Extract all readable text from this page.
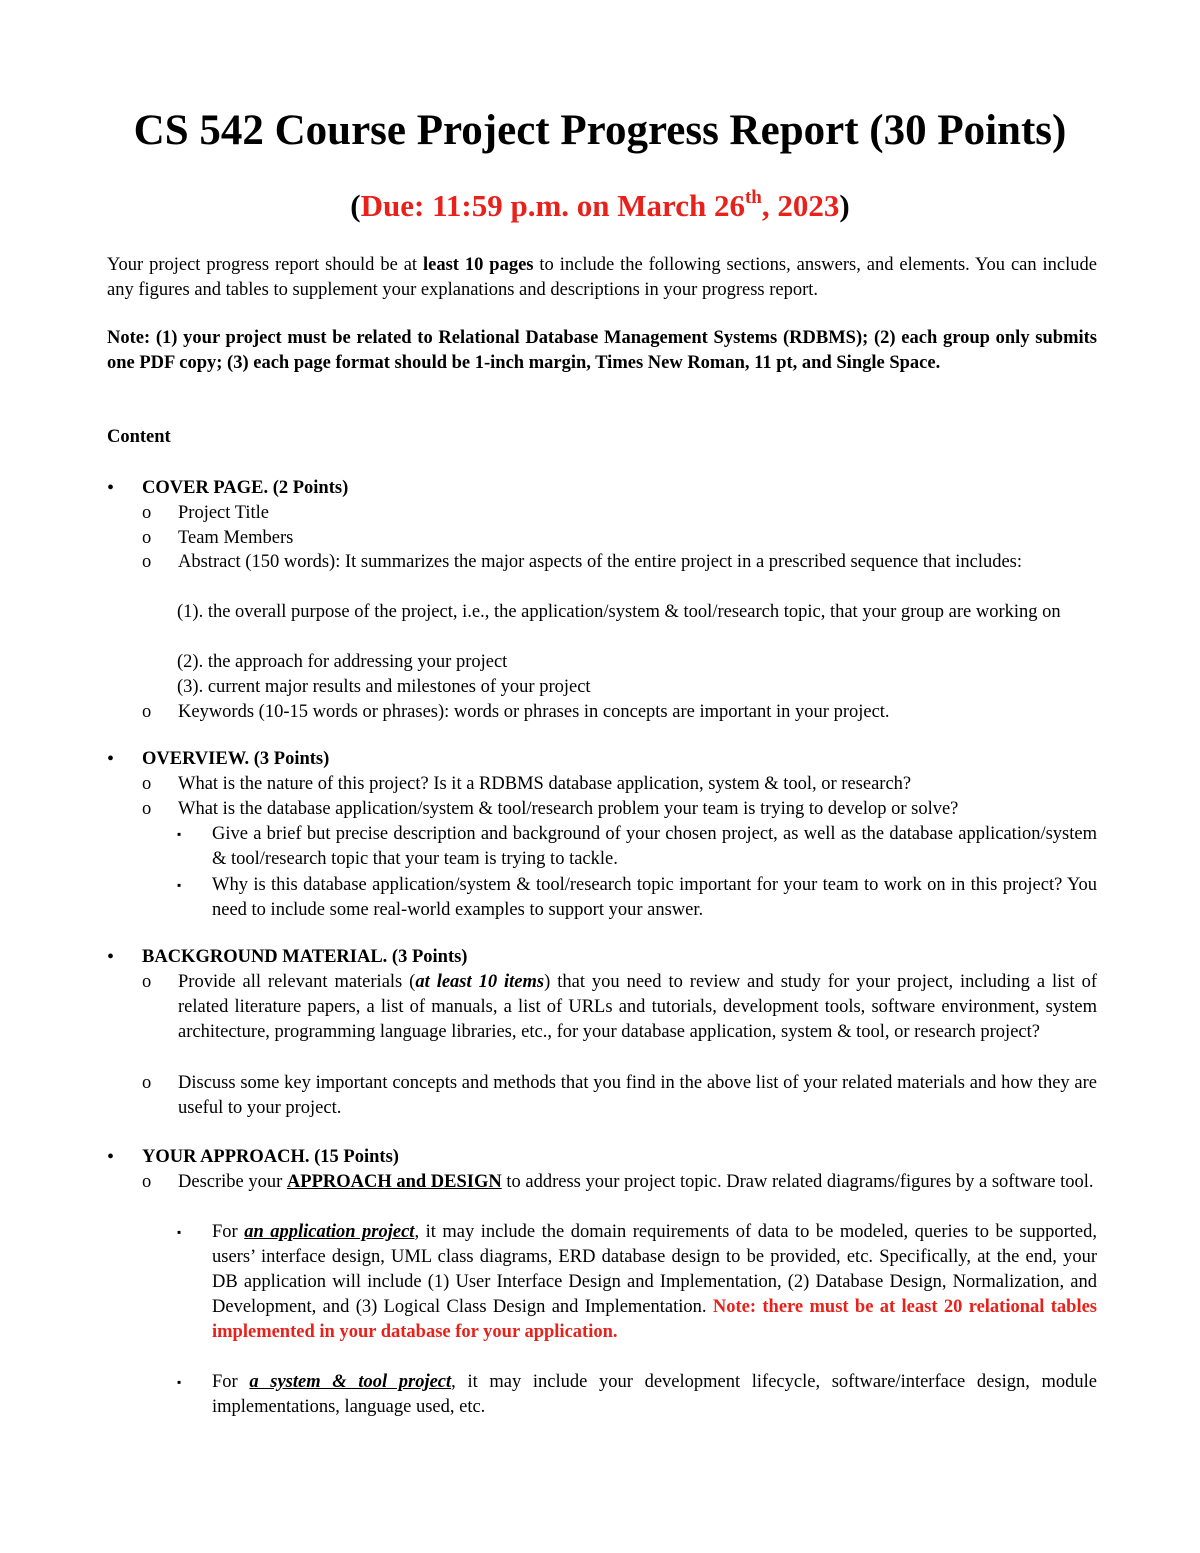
CS 542 Course Project Progress Report (30 Points)
(Due: 11:59 p.m. on March 26th, 2023)
Your project progress report should be at least 10 pages to include the following sections, answers, and elements. You can include any figures and tables to supplement your explanations and descriptions in your progress report.
Note: (1) your project must be related to Relational Database Management Systems (RDBMS); (2) each group only submits one PDF copy; (3) each page format should be 1-inch margin, Times New Roman, 11 pt, and Single Space.
Content
• COVER PAGE. (2 Points)
o Project Title
o Team Members
o Abstract (150 words): It summarizes the major aspects of the entire project in a prescribed sequence that includes:
(1). the overall purpose of the project, i.e., the application/system & tool/research topic, that your group are working on
(2). the approach for addressing your project
(3). current major results and milestones of your project
o Keywords (10-15 words or phrases): words or phrases in concepts are important in your project.
• OVERVIEW. (3 Points)
o What is the nature of this project? Is it a RDBMS database application, system & tool, or research?
o What is the database application/system & tool/research problem your team is trying to develop or solve?
▪ Give a brief but precise description and background of your chosen project, as well as the database application/system & tool/research topic that your team is trying to tackle.
▪ Why is this database application/system & tool/research topic important for your team to work on in this project? You need to include some real-world examples to support your answer.
• BACKGROUND MATERIAL. (3 Points)
o Provide all relevant materials (at least 10 items) that you need to review and study for your project, including a list of related literature papers, a list of manuals, a list of URLs and tutorials, development tools, software environment, system architecture, programming language libraries, etc., for your database application, system & tool, or research project?
o Discuss some key important concepts and methods that you find in the above list of your related materials and how they are useful to your project.
• YOUR APPROACH. (15 Points)
o Describe your APPROACH and DESIGN to address your project topic. Draw related diagrams/figures by a software tool.
▪ For an application project, it may include the domain requirements of data to be modeled, queries to be supported, users’ interface design, UML class diagrams, ERD database design to be provided, etc. Specifically, at the end, your DB application will include (1) User Interface Design and Implementation, (2) Database Design, Normalization, and Development, and (3) Logical Class Design and Implementation. Note: there must be at least 20 relational tables implemented in your database for your application.
▪ For a system & tool project, it may include your development lifecycle, software/interface design, module implementations, language used, etc.
